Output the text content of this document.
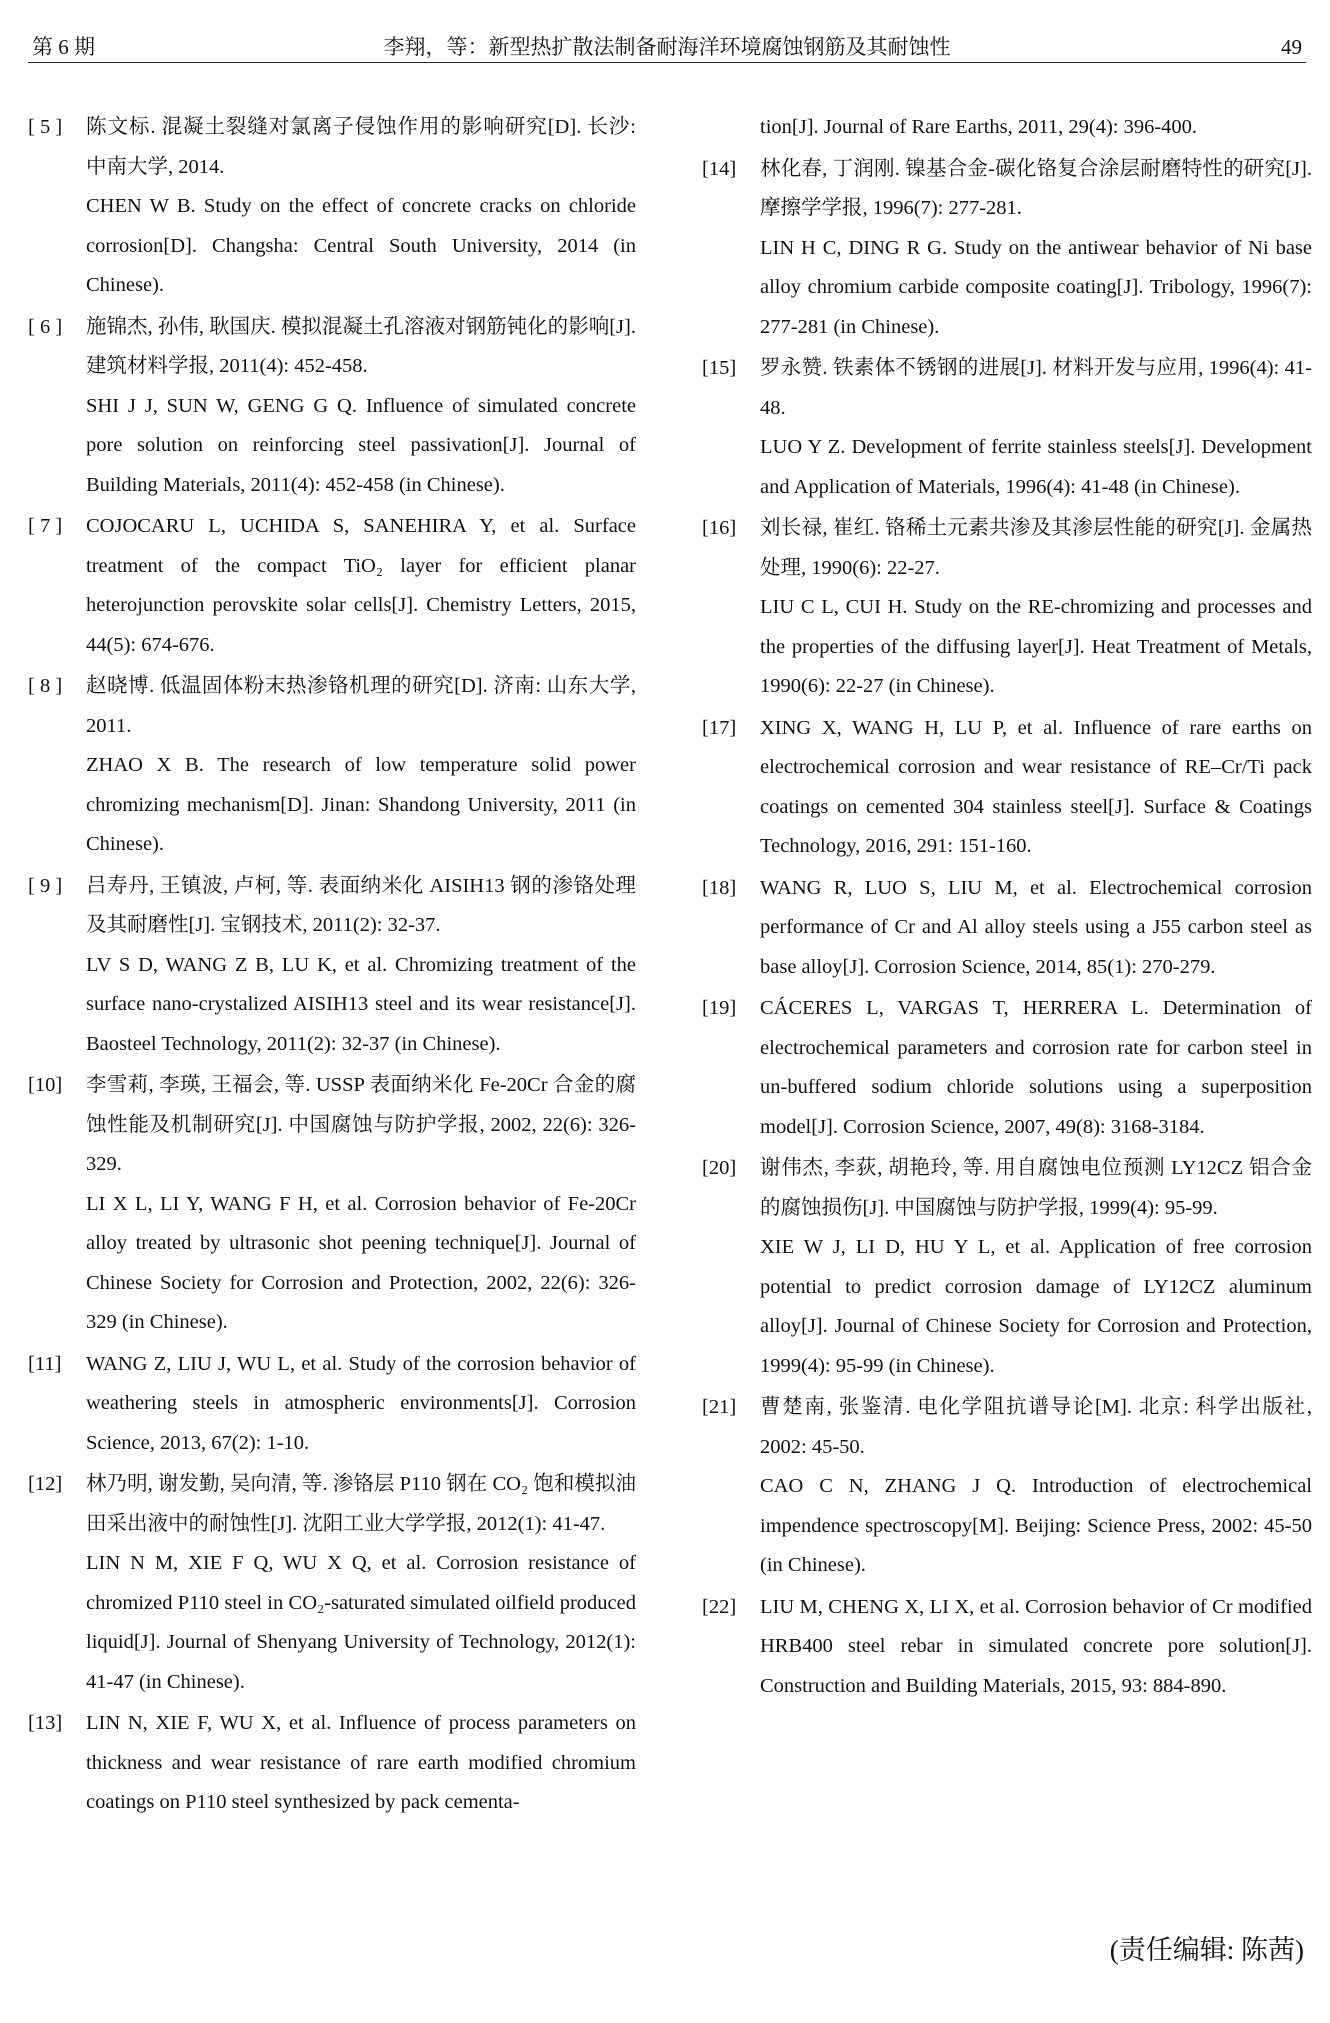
第 6 期	李翔，等：新型热扩散法制备耐海洋环境腐蚀钢筋及其耐蚀性	49
[ 5 ]	陈文标. 混凝土裂缝对氯离子侵蚀作用的影响研究[D]. 长沙: 中南大学, 2014.

CHEN W B. Study on the effect of concrete cracks on chloride corrosion[D]. Changsha: Central South University, 2014 (in Chinese).

[ 6 ]	施锦杰, 孙伟, 耿国庆. 模拟混凝土孔溶液对钢筋钝化的影响[J]. 建筑材料学报, 2011(4): 452-458.

SHI J J, SUN W, GENG G Q. Influence of simulated concrete pore solution on reinforcing steel passivation[J]. Journal of Building Materials, 2011(4): 452-458 (in Chinese).

[ 7 ]	COJOCARU L, UCHIDA S, SANEHIRA Y, et al. Surface treatment of the compact TiO₂ layer for efficient planar heterojunction perovskite solar cells[J]. Chemistry Letters, 2015, 44(5): 674-676.

[ 8 ]	赵晓博. 低温固体粉末热渗铬机理的研究[D]. 济南: 山东大学, 2011.

ZHAO X B. The research of low temperature solid power chromizing mechanism[D]. Jinan: Shandong University, 2011 (in Chinese).

[ 9 ]	吕寿丹, 王镇波, 卢柯, 等. 表面纳米化 AISIH13 钢的渗铬处理及其耐磨性[J]. 宝钢技术, 2011(2): 32-37.

LV S D, WANG Z B, LU K, et al. Chromizing treatment of the surface nano-crystalized AISIH13 steel and its wear resistance[J]. Baosteel Technology, 2011(2): 32-37 (in Chinese).

[10]	李雪莉, 李瑛, 王福会, 等. USSP 表面纳米化 Fe-20Cr 合金的腐蚀性能及机制研究[J]. 中国腐蚀与防护学报, 2002, 22(6): 326-329.

LI X L, LI Y, WANG F H, et al. Corrosion behavior of Fe-20Cr alloy treated by ultrasonic shot peening technique[J]. Journal of Chinese Society for Corrosion and Protection, 2002, 22(6): 326-329 (in Chinese).

[11]	WANG Z, LIU J, WU L, et al. Study of the corrosion behavior of weathering steels in atmospheric environments[J]. Corrosion Science, 2013, 67(2): 1-10.

[12]	林乃明, 谢发勤, 吴向清, 等. 渗铬层 P110 钢在 CO₂ 饱和模拟油田采出液中的耐蚀性[J]. 沈阳工业大学学报, 2012(1): 41-47.

LIN N M, XIE F Q, WU X Q, et al. Corrosion resistance of chromized P110 steel in CO₂-saturated simulated oilfield produced liquid[J]. Journal of Shenyang University of Technology, 2012(1): 41-47 (in Chinese).

[13]	LIN N, XIE F, WU X, et al. Influence of process parameters on thickness and wear resistance of rare earth modified chromium coatings on P110 steel synthesized by pack cementa-

tion[J]. Journal of Rare Earths, 2011, 29(4): 396-400.

[14]	林化春, 丁润刚. 镍基合金-碳化铬复合涂层耐磨特性的研究[J]. 摩擦学学报, 1996(7): 277-281.

LIN H C, DING R G. Study on the antiwear behavior of Ni base alloy chromium carbide composite coating[J]. Tribology, 1996(7): 277-281 (in Chinese).

[15]	罗永赞. 铁素体不锈钢的进展[J]. 材料开发与应用, 1996(4): 41-48.

LUO Y Z. Development of ferrite stainless steels[J]. Development and Application of Materials, 1996(4): 41-48 (in Chinese).

[16]	刘长禄, 崔红. 铬稀土元素共渗及其渗层性能的研究[J]. 金属热处理, 1990(6): 22-27.

LIU C L, CUI H. Study on the RE-chromizing and processes and the properties of the diffusing layer[J]. Heat Treatment of Metals, 1990(6): 22-27 (in Chinese).

[17]	XING X, WANG H, LU P, et al. Influence of rare earths on electrochemical corrosion and wear resistance of RE–Cr/Ti pack coatings on cemented 304 stainless steel[J]. Surface & Coatings Technology, 2016, 291: 151-160.

[18]	WANG R, LUO S, LIU M, et al. Electrochemical corrosion performance of Cr and Al alloy steels using a J55 carbon steel as base alloy[J]. Corrosion Science, 2014, 85(1): 270-279.

[19]	CÁCERES L, VARGAS T, HERRERA L. Determination of electrochemical parameters and corrosion rate for carbon steel in un-buffered sodium chloride solutions using a superposition model[J]. Corrosion Science, 2007, 49(8): 3168-3184.

[20]	谢伟杰, 李荻, 胡艳玲, 等. 用自腐蚀电位预测 LY12CZ 铝合金的腐蚀损伤[J]. 中国腐蚀与防护学报, 1999(4): 95-99.

XIE W J, LI D, HU Y L, et al. Application of free corrosion potential to predict corrosion damage of LY12CZ aluminum alloy[J]. Journal of Chinese Society for Corrosion and Protection, 1999(4): 95-99 (in Chinese).

[21]	曹楚南, 张鉴清. 电化学阻抗谱导论[M]. 北京: 科学出版社, 2002: 45-50.

CAO C N, ZHANG J Q. Introduction of electrochemical impendence spectroscopy[M]. Beijing: Science Press, 2002: 45-50 (in Chinese).

[22]	LIU M, CHENG X, LI X, et al. Corrosion behavior of Cr modified HRB400 steel rebar in simulated concrete pore solution[J]. Construction and Building Materials, 2015, 93: 884-890.

(责任编辑: 陈茜)
